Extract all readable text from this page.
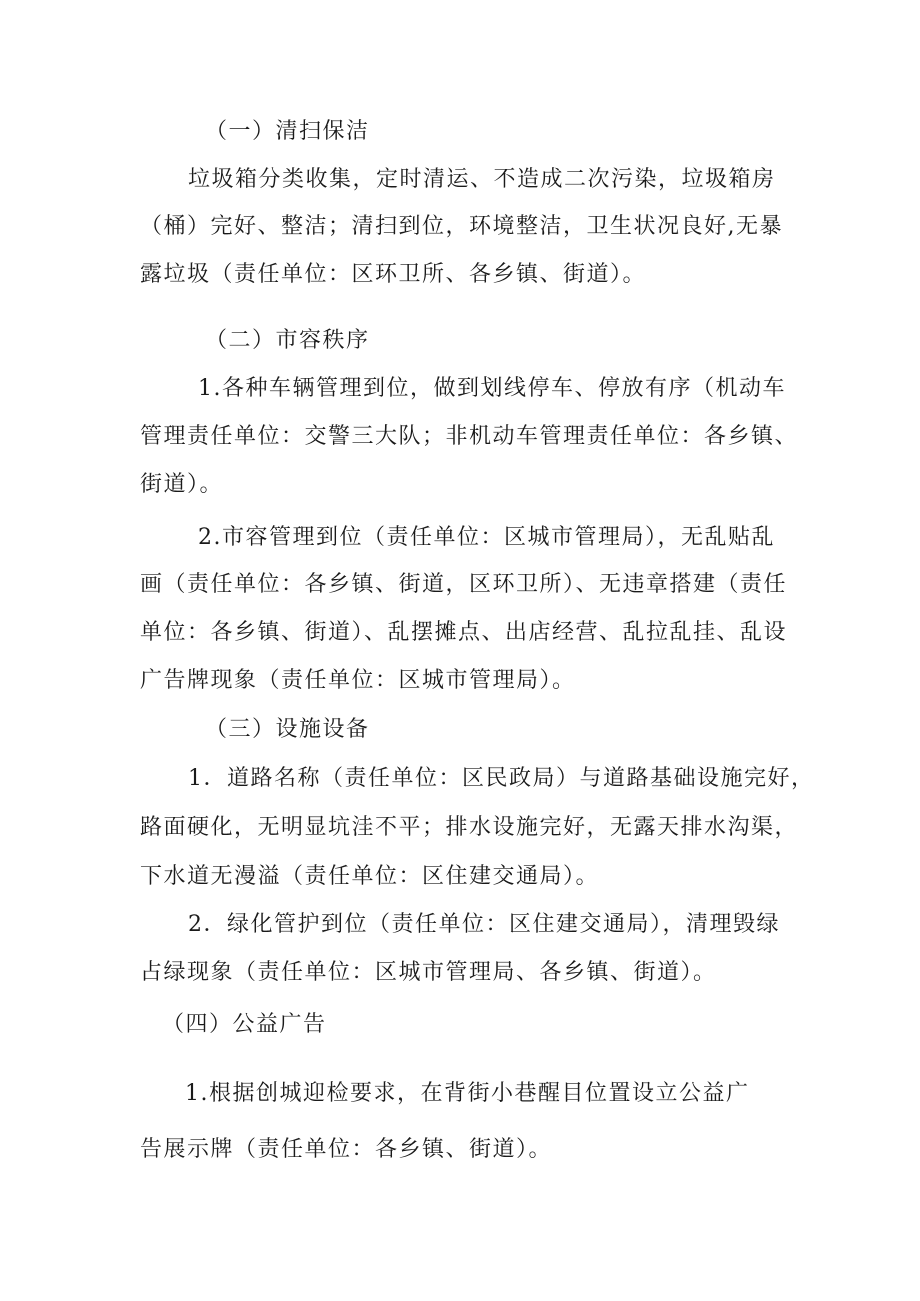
（一）清扫保洁
垃圾箱分类收集，定时清运、不造成二次污染，垃圾箱房
（桶）完好、整洁；清扫到位，环境整洁，卫生状况良好,无暴
露垃圾（责任单位：区环卫所、各乡镇、街道）。
（二）市容秩序
1.各种车辆管理到位，做到划线停车、停放有序（机动车
管理责任单位：交警三大队；非机动车管理责任单位：各乡镇、
街道）。
2.市容管理到位（责任单位：区城市管理局），无乱贴乱
画（责任单位：各乡镇、街道，区环卫所）、无违章搭建（责任
单位：各乡镇、街道）、乱摆摊点、出店经营、乱拉乱挂、乱设
广告牌现象（责任单位：区城市管理局）。
（三）设施设备
1．道路名称（责任单位：区民政局）与道路基础设施完好，
路面硬化，无明显坑洼不平；排水设施完好，无露天排水沟渠，
下水道无漫溢（责任单位：区住建交通局）。
2．绿化管护到位（责任单位：区住建交通局），清理毁绿
占绿现象（责任单位：区城市管理局、各乡镇、街道）。
（四）公益广告
1.根据创城迎检要求，在背街小巷醒目位置设立公益广
告展示牌（责任单位：各乡镇、街道）。
